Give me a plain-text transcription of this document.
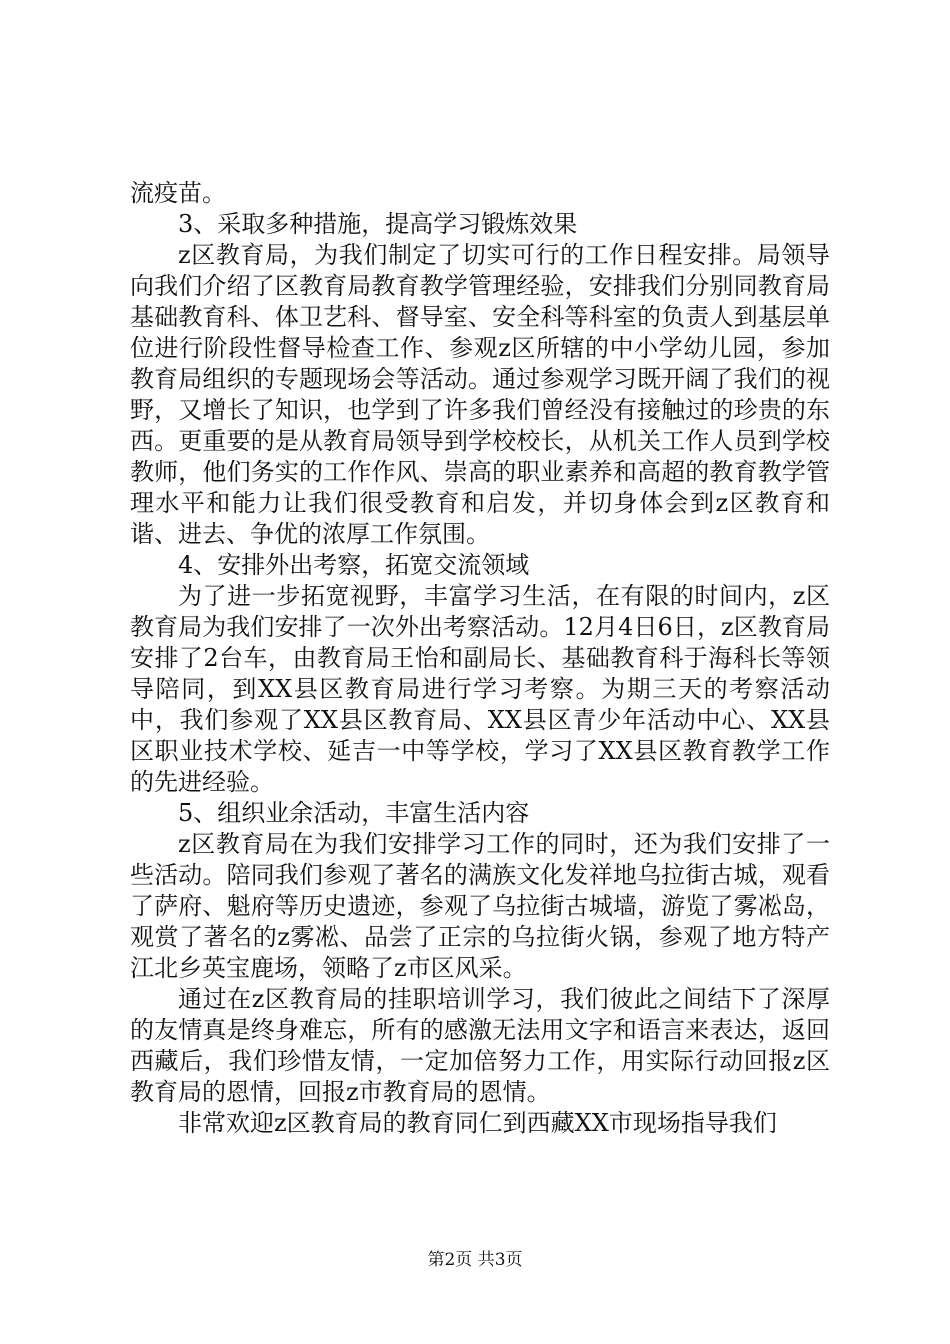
流疫苗。

3、采取多种措施，提高学习锻炼效果

z区教育局，为我们制定了切实可行的工作日程安排。局领导向我们介绍了区教育局教育教学管理经验，安排我们分别同教育局基础教育科、体卫艺科、督导室、安全科等科室的负责人到基层单位进行阶段性督导检查工作、参观z区所辖的中小学幼儿园，参加教育局组织的专题现场会等活动。通过参观学习既开阔了我们的视野，又增长了知识，也学到了许多我们曾经没有接触过的珍贵的东西。更重要的是从教育局领导到学校校长，从机关工作人员到学校教师，他们务实的工作作风、崇高的职业素养和高超的教育教学管理水平和能力让我们很受教育和启发，并切身体会到z区教育和谐、进去、争优的浓厚工作氛围。

4、安排外出考察，拓宽交流领域

为了进一步拓宽视野，丰富学习生活，在有限的时间内，z区教育局为我们安排了一次外出考察活动。12月4日6日，z区教育局安排了2台车，由教育局王怡和副局长、基础教育科于海科长等领导陪同，到XX县区教育局进行学习考察。为期三天的考察活动中，我们参观了XX县区教育局、XX县区青少年活动中心、XX县区职业技术学校、延吉一中等学校，学习了XX县区教育教学工作的先进经验。

5、组织业余活动，丰富生活内容

z区教育局在为我们安排学习工作的同时，还为我们安排了一些活动。陪同我们参观了著名的满族文化发祥地乌拉街古城，观看了萨府、魁府等历史遗迹，参观了乌拉街古城墙，游览了雾凇岛，观赏了著名的z雾凇、品尝了正宗的乌拉街火锅，参观了地方特产江北乡英宝鹿场，领略了z市区风采。

通过在z区教育局的挂职培训学习，我们彼此之间结下了深厚的友情真是终身难忘，所有的感激无法用文字和语言来表达，返回西藏后，我们珍惜友情，一定加倍努力工作，用实际行动回报z区教育局的恩情，回报z市教育局的恩情。

非常欢迎z区教育局的教育同仁到西藏XX市现场指导我们

第2页 共3页
